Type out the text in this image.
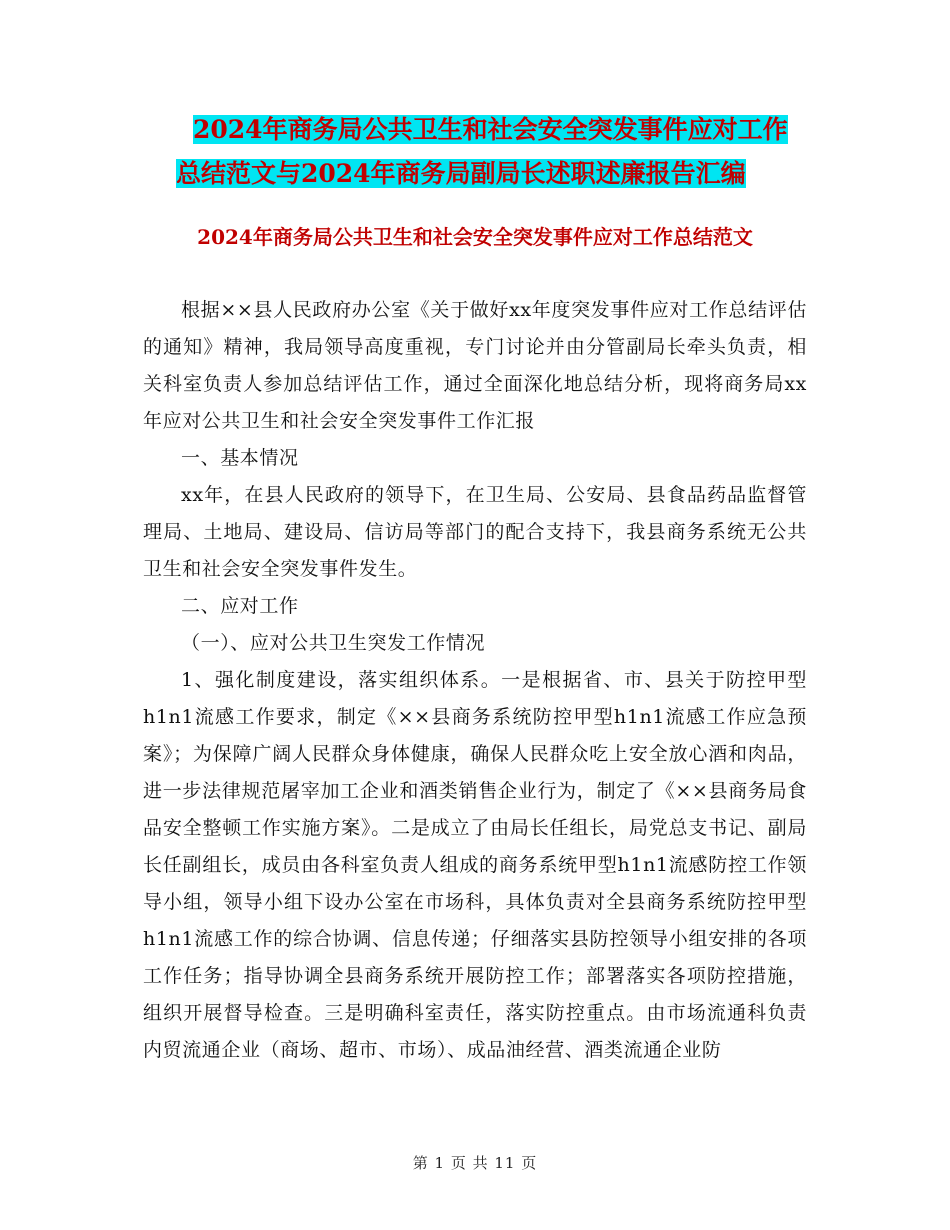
2024年商务局公共卫生和社会安全突发事件应对工作
总结范文与2024年商务局副局长述职述廉报告汇编
2024年商务局公共卫生和社会安全突发事件应对工作总结范文

根据××县人民政府办公室《关于做好xx年度突发事件应对工作总结评估的通知》精神，我局领导高度重视，专门讨论并由分管副局长牵头负责，相关科室负责人参加总结评估工作，通过全面深化地总结分析，现将商务局xx年应对公共卫生和社会安全突发事件工作汇报

一、基本情况

xx年，在县人民政府的领导下，在卫生局、公安局、县食品药品监督管理局、土地局、建设局、信访局等部门的配合支持下，我县商务系统无公共卫生和社会安全突发事件发生。

二、应对工作

（一）、应对公共卫生突发工作情况

1、强化制度建设，落实组织体系。一是根据省、市、县关于防控甲型h1n1流感工作要求，制定《××县商务系统防控甲型h1n1流感工作应急预案》；为保障广阔人民群众身体健康，确保人民群众吃上安全放心酒和肉品，进一步法律规范屠宰加工企业和酒类销售企业行为，制定了《××县商务局食品安全整顿工作实施方案》。二是成立了由局长任组长，局党总支书记、副局长任副组长，成员由各科室负责人组成的商务系统甲型h1n1流感防控工作领导小组，领导小组下设办公室在市场科，具体负责对全县商务系统防控甲型h1n1流感工作的综合协调、信息传递；仔细落实县防控领导小组安排的各项工作任务；指导协调全县商务系统开展防控工作；部署落实各项防控措施，组织开展督导检查。三是明确科室责任，落实防控重点。由市场流通科负责内贸流通企业（商场、超市、市场）、成品油经营、酒类流通企业防

第 1 页 共 11 页
